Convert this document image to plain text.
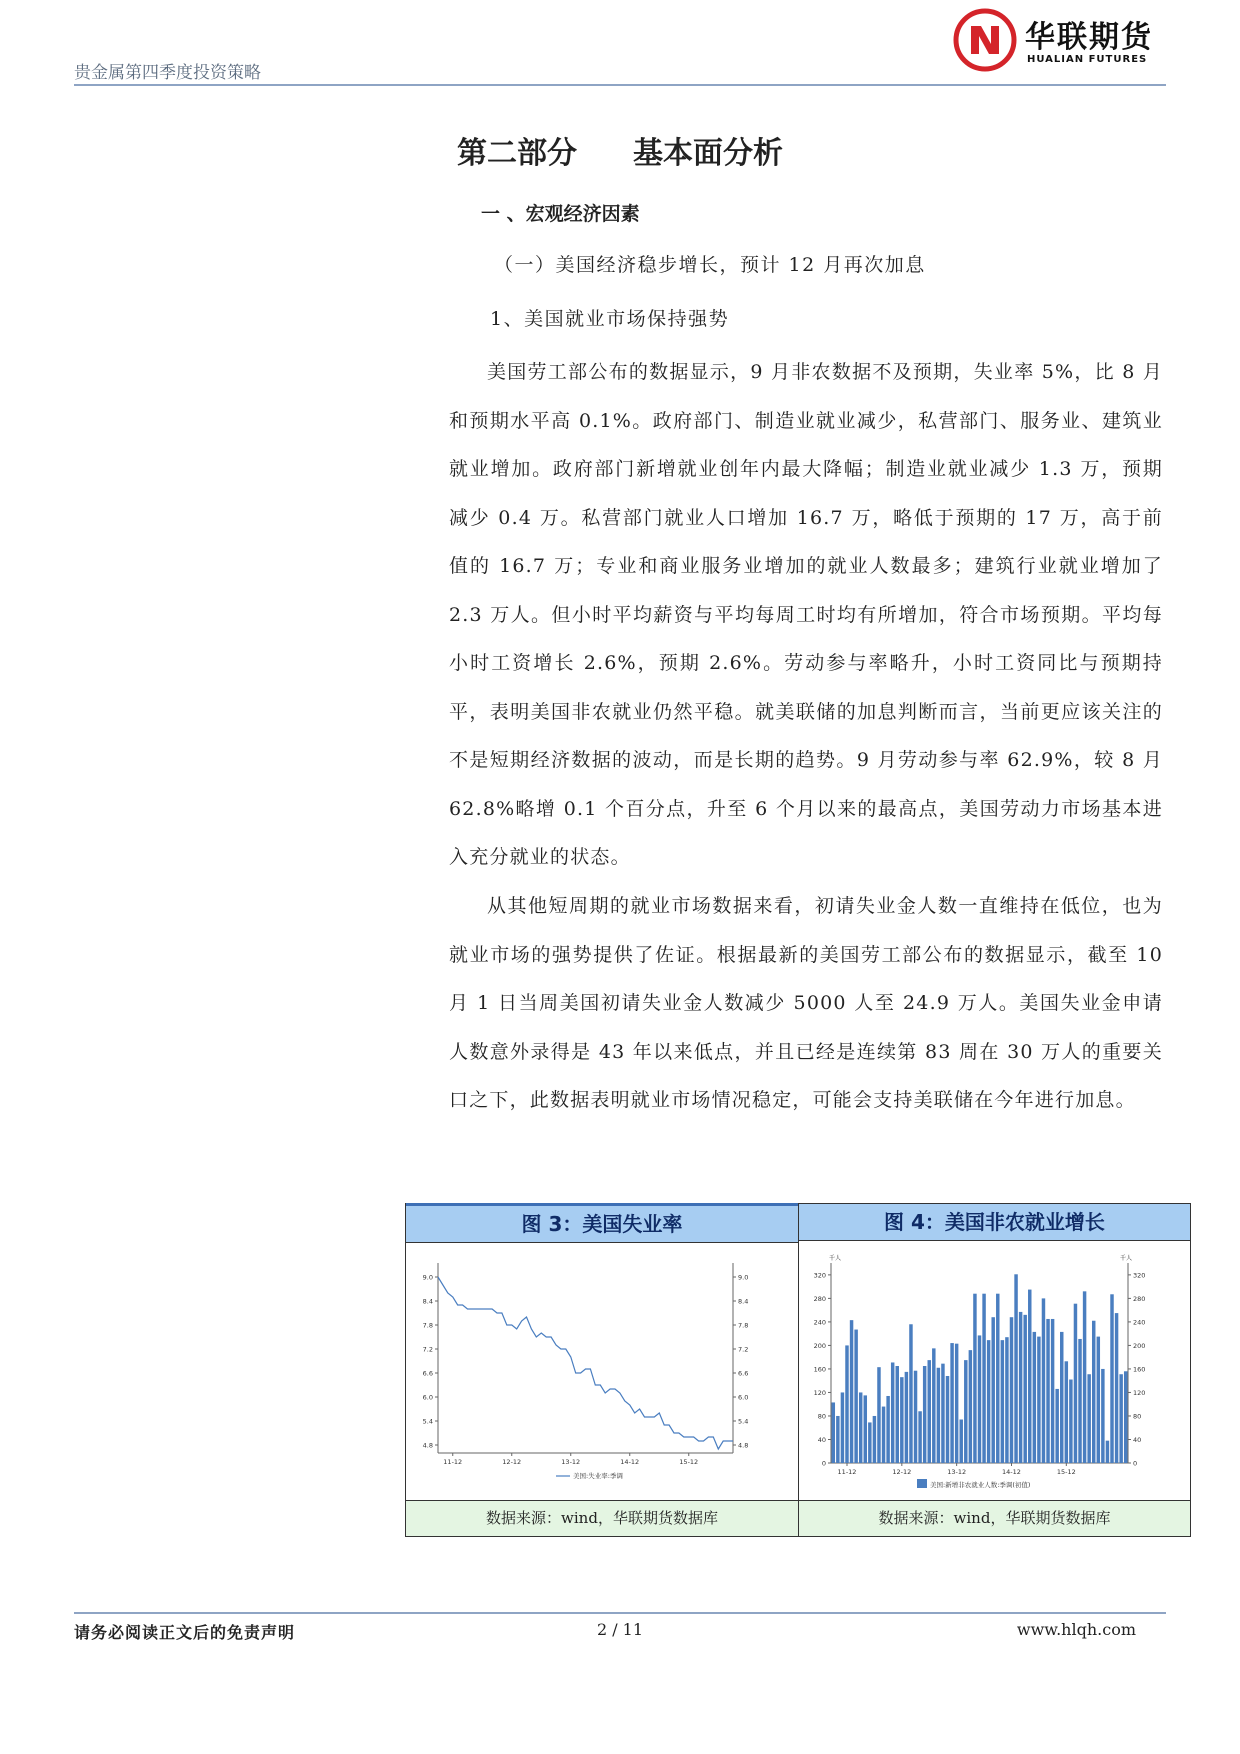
贵金属第四季度投资策略
华联期货
HUALIAN FUTURES
第二部分 基本面分析
一 、宏观经济因素
（一）美国经济稳步增长，预计 12 月再次加息
1、美国就业市场保持强势

美国劳工部公布的数据显示，9 月非农数据不及预期，失业率 5%，比 8 月和预期水平高 0.1%。政府部门、制造业就业减少，私营部门、服务业、建筑业就业增加。政府部门新增就业创年内最大降幅；制造业就业减少 1.3 万，预期减少 0.4 万。私营部门就业人口增加 16.7 万，略低于预期的 17 万，高于前值的 16.7 万；专业和商业服务业增加的就业人数最多；建筑行业就业增加了 2.3 万人。但小时平均薪资与平均每周工时均有所增加，符合市场预期。平均每小时工资增长 2.6%，预期 2.6%。劳动参与率略升，小时工资同比与预期持平，表明美国非农就业仍然平稳。就美联储的加息判断而言，当前更应该关注的不是短期经济数据的波动，而是长期的趋势。9 月劳动参与率 62.9%，较 8 月 62.8%略增 0.1 个百分点，升至 6 个月以来的最高点，美国劳动力市场基本进入充分就业的状态。

从其他短周期的就业市场数据来看，初请失业金人数一直维持在低位，也为就业市场的强势提供了佐证。根据最新的美国劳工部公布的数据显示，截至 10 月 1 日当周美国初请失业金人数减少 5000 人至 24.9 万人。美国失业金申请人数意外录得是 43 年以来低点，并且已经是连续第 83 周在 30 万人的重要关口之下，此数据表明就业市场情况稳定，可能会支持美联储在今年进行加息。

图 3：美国失业率
4.8	4.8
5.4	5.4
6.0	6.0
6.6	6.6
7.2	7.2
7.8	7.8
8.4	8.4
9.0	9.0
11-12	12-12	13-12	14-12	15-12
美国:失业率:季调
数据来源：wind，华联期货数据库
图 4：美国非农就业增长
千人	千人
0	0
40	40
80	80
120	120
160	160
200	200
240	240
280	280
320	320
11-12	12-12	13-12	14-12	15-12
美国:新增非农就业人数:季调(初值)
数据来源：wind，华联期货数据库
请务必阅读正文后的免责声明	2 / 11	www.hlqh.com
